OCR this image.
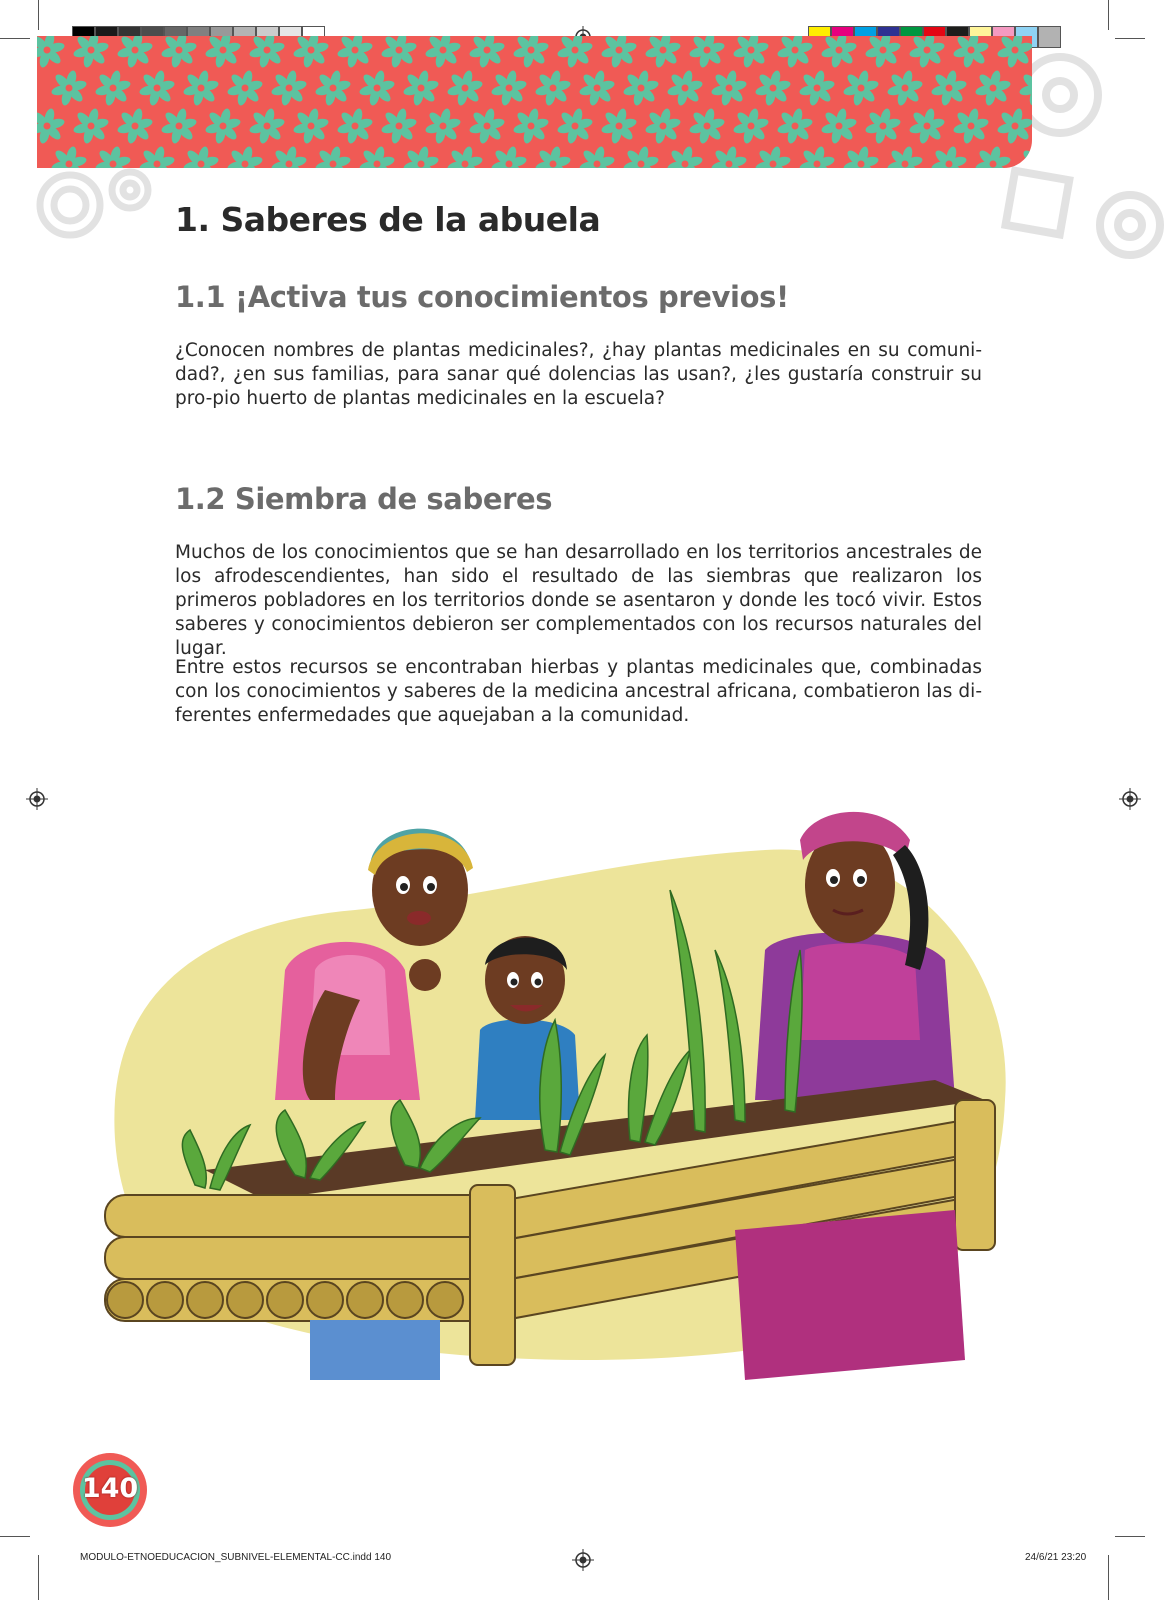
1. Saberes de la abuela
1.1 ¡Activa tus conocimientos previos!

¿Conocen nombres de plantas medicinales?, ¿hay plantas medicinales en su comuni-dad?, ¿en sus familias, para sanar qué dolencias las usan?, ¿les gustaría construir su pro-pio huerto de plantas medicinales en la escuela?

1.2 Siembra de saberes

Muchos de los conocimientos que se han desarrollado en los territorios ancestrales de los afrodescendientes, han sido el resultado de las siembras que realizaron los primeros pobladores en los territorios donde se asentaron y donde les tocó vivir. Estos saberes y conocimientos debieron ser complementados con los recursos naturales del lugar.

Entre estos recursos se encontraban hierbas y plantas medicinales que, combinadas con los conocimientos y saberes de la medicina ancestral africana, combatieron las di-ferentes enfermedades que aquejaban a la comunidad.

140
MODULO-ETNOEDUCACION_SUBNIVEL-ELEMENTAL-CC.indd 140	24/6/21 23:20
